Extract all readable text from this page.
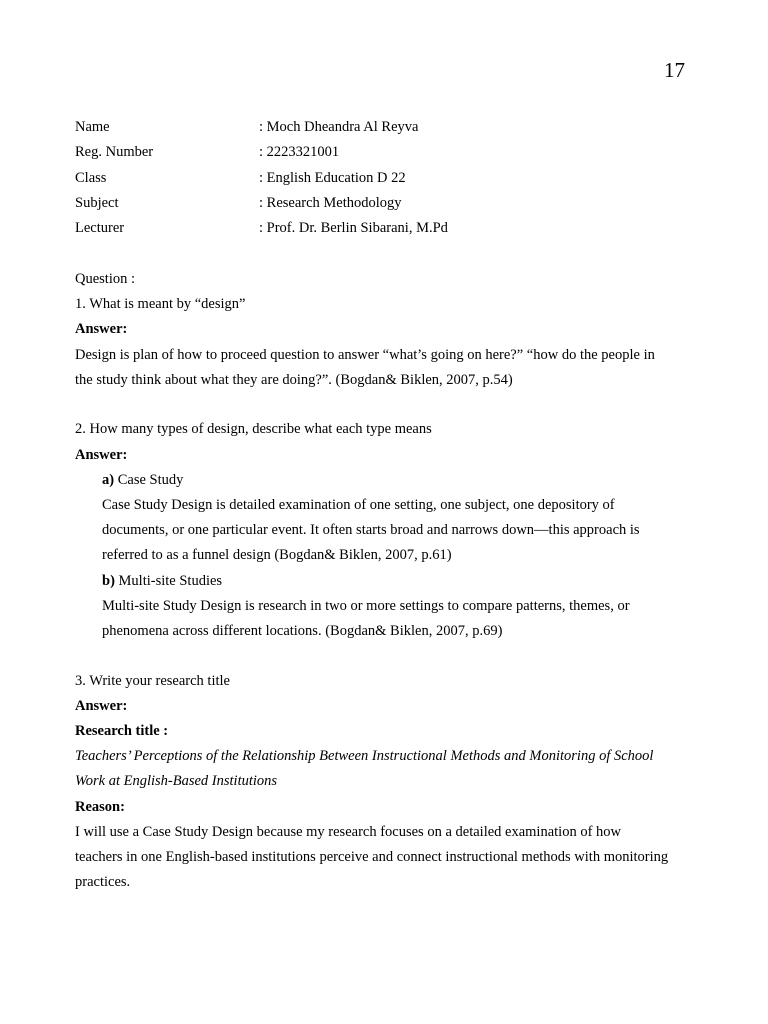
17
Name	: Moch Dheandra Al Reyva
Reg. Number	: 2223321001
Class	: English Education D 22
Subject	: Research Methodology
Lecturer	: Prof. Dr. Berlin Sibarani, M.Pd
Question :
1. What is meant by “design”
Answer:
Design is plan of how to proceed question to answer “what’s going on here?” “how do the people in
the study think about what they are doing?”. (Bogdan& Biklen, 2007, p.54)
2. How many types of design, describe what each type means
Answer:
a) Case Study
Case Study Design is detailed examination of one setting, one subject, one depository of
documents, or one particular event. It often starts broad and narrows down—this approach is
referred to as a funnel design (Bogdan& Biklen, 2007, p.61)
b) Multi-site Studies
Multi-site Study Design is research in two or more settings to compare patterns, themes, or
phenomena across different locations. (Bogdan& Biklen, 2007, p.69)
3. Write your research title
Answer:
Research title :
Teachers’ Perceptions of the Relationship Between Instructional Methods and Monitoring of School
Work at English-Based Institutions
Reason:
I will use a Case Study Design because my research focuses on a detailed examination of how
teachers in one English-based institutions perceive and connect instructional methods with monitoring
practices.
